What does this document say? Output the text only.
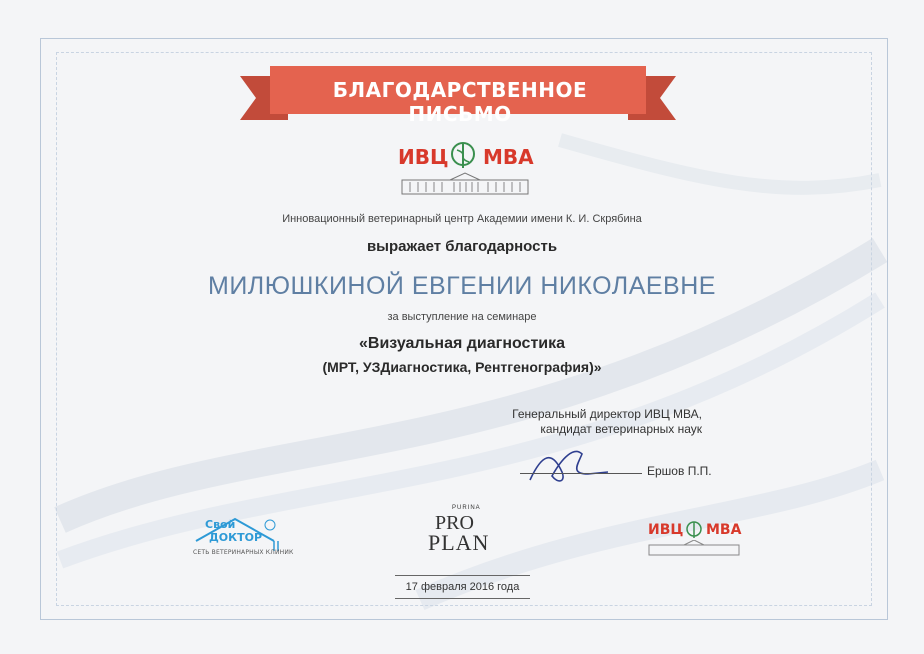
БЛАГОДАРСТВЕННОЕ ПИСЬМО
ИВЦ МВА
Инновационный ветеринарный центр Академии имени К. И. Скрябина
выражает благодарность
МИЛЮШКИНОЙ ЕВГЕНИИ НИКОЛАЕВНЕ
за выступление на семинаре
«Визуальная диагностика
(МРТ, УЗДиагностика, Рентгенография)»
Генеральный директор ИВЦ МВА,
кандидат ветеринарных наук
Ершов П.П.
Свой
ДОКТОР
СЕТЬ ВЕТЕРИНАРНЫХ КЛИНИК
PURINA
PRO
PLAN	ИВЦ МВА
17 февраля 2016 года
